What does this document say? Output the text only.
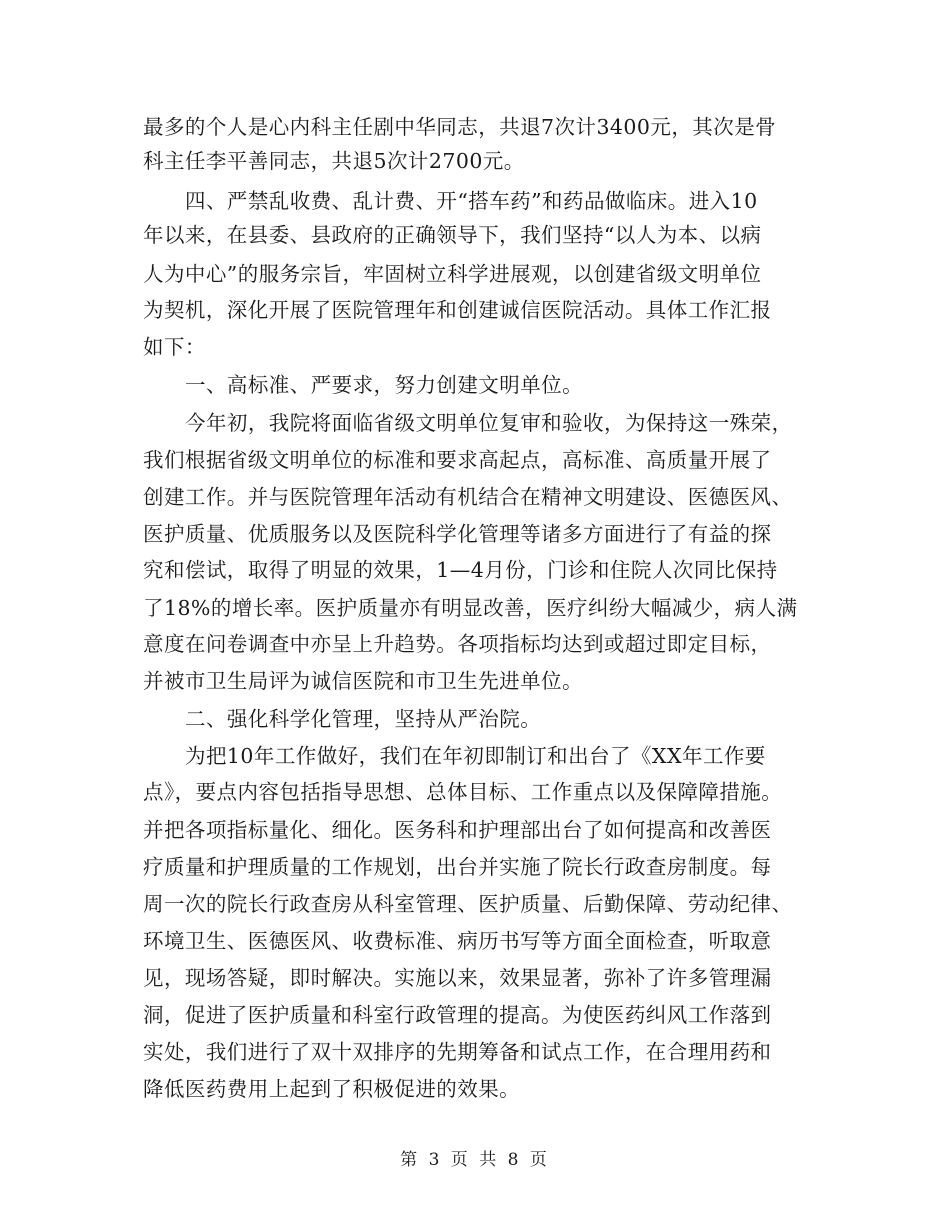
最多的个人是心内科主任剧中华同志，共退7次计3400元，其次是骨
科主任李平善同志，共退5次计2700元。
四、严禁乱收费、乱计费、开“搭车药”和药品做临床。进入10
年以来，在县委、县政府的正确领导下，我们坚持“以人为本、以病
人为中心”的服务宗旨，牢固树立科学进展观，以创建省级文明单位
为契机，深化开展了医院管理年和创建诚信医院活动。具体工作汇报
如下：
一、高标准、严要求，努力创建文明单位。
今年初，我院将面临省级文明单位复审和验收，为保持这一殊荣，
我们根据省级文明单位的标准和要求高起点，高标准、高质量开展了
创建工作。并与医院管理年活动有机结合在精神文明建设、医德医风、
医护质量、优质服务以及医院科学化管理等诸多方面进行了有益的探
究和偿试，取得了明显的效果，1—4月份，门诊和住院人次同比保持
了18%的增长率。医护质量亦有明显改善，医疗纠纷大幅减少，病人满
意度在问卷调查中亦呈上升趋势。各项指标均达到或超过即定目标，
并被市卫生局评为诚信医院和市卫生先进单位。
二、强化科学化管理，坚持从严治院。
为把10年工作做好，我们在年初即制订和出台了《XX年工作要
点》，要点内容包括指导思想、总体目标、工作重点以及保障障措施。
并把各项指标量化、细化。医务科和护理部出台了如何提高和改善医
疗质量和护理质量的工作规划，出台并实施了院长行政查房制度。每
周一次的院长行政查房从科室管理、医护质量、后勤保障、劳动纪律、
环境卫生、医德医风、收费标准、病历书写等方面全面检查，听取意
见，现场答疑，即时解决。实施以来，效果显著，弥补了许多管理漏
洞，促进了医护质量和科室行政管理的提高。为使医药纠风工作落到
实处，我们进行了双十双排序的先期筹备和试点工作，在合理用药和
降低医药费用上起到了积极促进的效果。
第 3 页 共 8 页
